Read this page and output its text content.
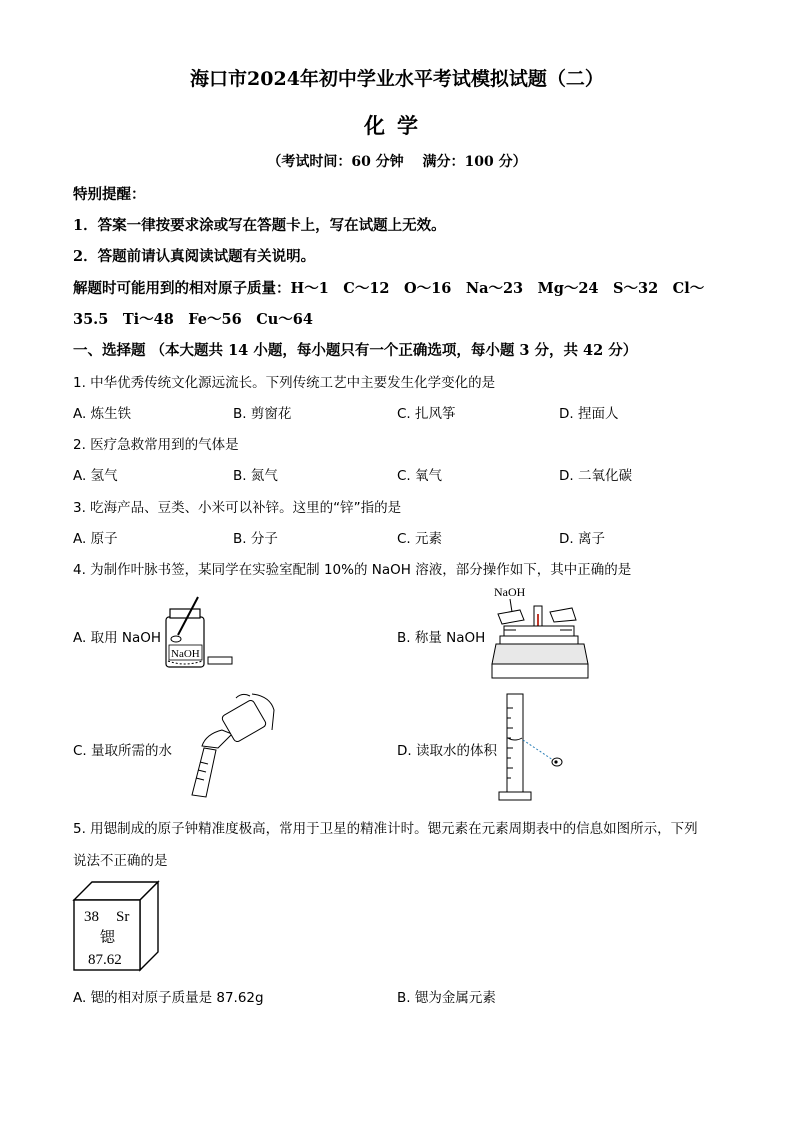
海口市2024年初中学业水平考试模拟试题（二）
化学
（考试时间：60 分钟　 满分：100 分）
特别提醒：
1．答案一律按要求涂或写在答题卡上，写在试题上无效。
2．答题前请认真阅读试题有关说明。
解题时可能用到的相对原子质量：H～1　C～12　O～16　Na～23　Mg～24　S～32　Cl～
35.5　Ti～48　Fe～56　Cu～64
一、选择题 （本大题共 14 小题，每小题只有一个正确选项，每小题 3 分，共 42 分）
1. 中华优秀传统文化源远流长。下列传统工艺中主要发生化学变化的是
A. 炼生铁	B. 剪窗花	C. 扎风筝	D. 捏面人
2. 医疗急救常用到的气体是
A. 氢气	B. 氮气	C. 氧气	D. 二氧化碳
3. 吃海产品、豆类、小米可以补锌。这里的“锌”指的是
A. 原子	B. 分子	C. 元素	D. 离子
4. 为制作叶脉书签，某同学在实验室配制 10%的 NaOH 溶液，部分操作如下，其中正确的是
A. 取用 NaOH
NaOH
B. 称量 NaOH
NaOH
C. 量取所需的水	D. 读取水的体积
5. 用锶制成的原子钟精准度极高，常用于卫星的精准计时。锶元素在元素周期表中的信息如图所示，下列
说法不正确的是
38 Sr
锶
87.62
A. 锶的相对原子质量是 87.62g	B. 锶为金属元素
